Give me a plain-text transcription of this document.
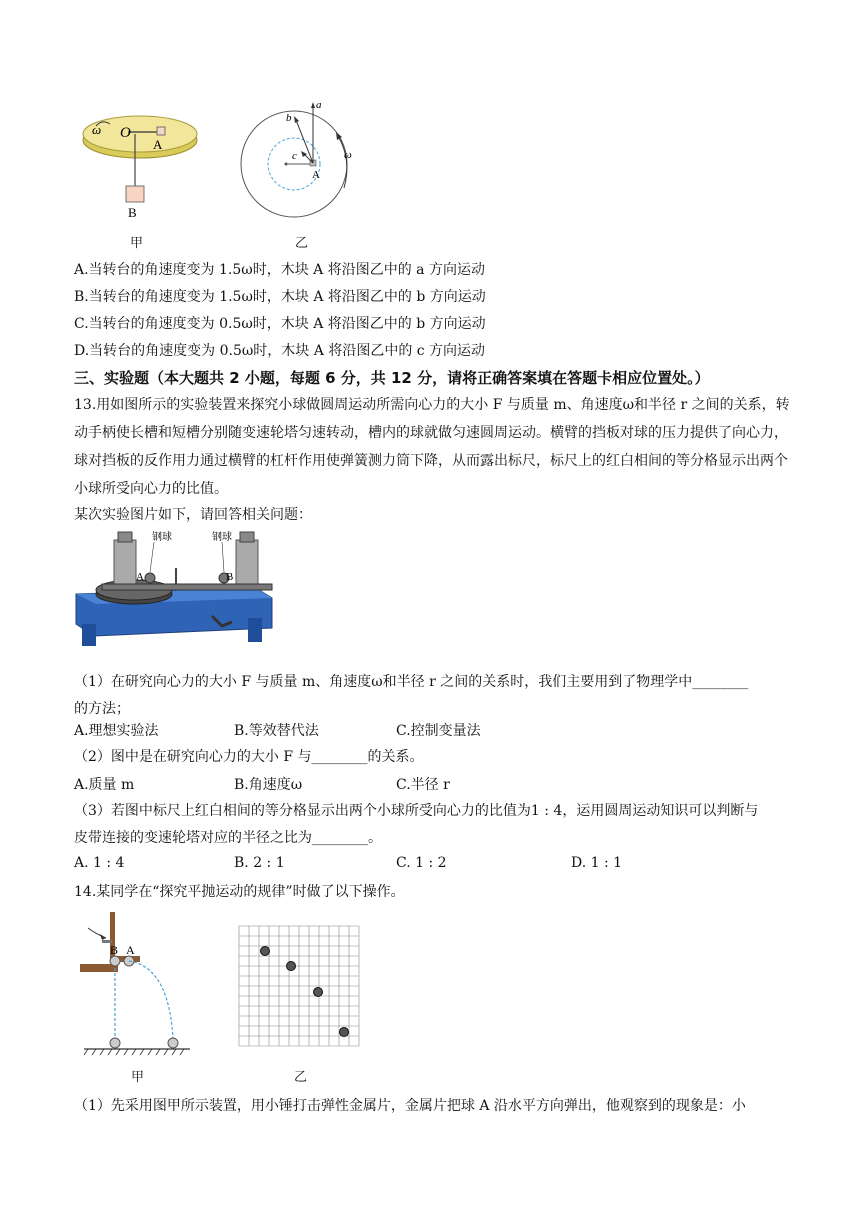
ω O
A
B
甲
a
b
c
A
ω
乙
A.当转台的角速度变为 1.5ω时，木块 A 将沿图乙中的 a 方向运动
B.当转台的角速度变为 1.5ω时，木块 A 将沿图乙中的 b 方向运动
C.当转台的角速度变为 0.5ω时，木块 A 将沿图乙中的 b 方向运动
D.当转台的角速度变为 0.5ω时，木块 A 将沿图乙中的 c 方向运动
三、实验题（本大题共 2 小题，每题 6 分，共 12 分，请将正确答案填在答题卡相应位置处。）
13.用如图所示的实验装置来探究小球做圆周运动所需向心力的大小 F 与质量 m、角速度ω和半径 r 之间的关系，转动手柄使长槽和短槽分别随变速轮塔匀速转动，槽内的球就做匀速圆周运动。横臂的挡板对球的压力提供了向心力，球对挡板的反作用力通过横臂的杠杆作用使弹簧测力筒下降，从而露出标尺，标尺上的红白相间的等分格显示出两个小球所受向心力的比值。
某次实验图片如下，请回答相关问题：
钢球	钢球
A	B
（1）在研究向心力的大小 F 与质量 m、角速度ω和半径 r 之间的关系时，我们主要用到了物理学中________
的方法；
A.理想实验法	B.等效替代法	C.控制变量法
（2）图中是在研究向心力的大小 F 与________的关系。
A.质量 m	B.角速度ω	C.半径 r
（3）若图中标尺上红白相间的等分格显示出两个小球所受向心力的比值为1 : 4，运用圆周运动知识可以判断与
皮带连接的变速轮塔对应的半径之比为________。
A. 1 : 4	B. 2 : 1	C. 1 : 2	D. 1 : 1
14.某同学在“探究平抛运动的规律”时做了以下操作。
B A
甲	乙
（1）先采用图甲所示装置，用小锤打击弹性金属片，金属片把球 A 沿水平方向弹出，他观察到的现象是：小
